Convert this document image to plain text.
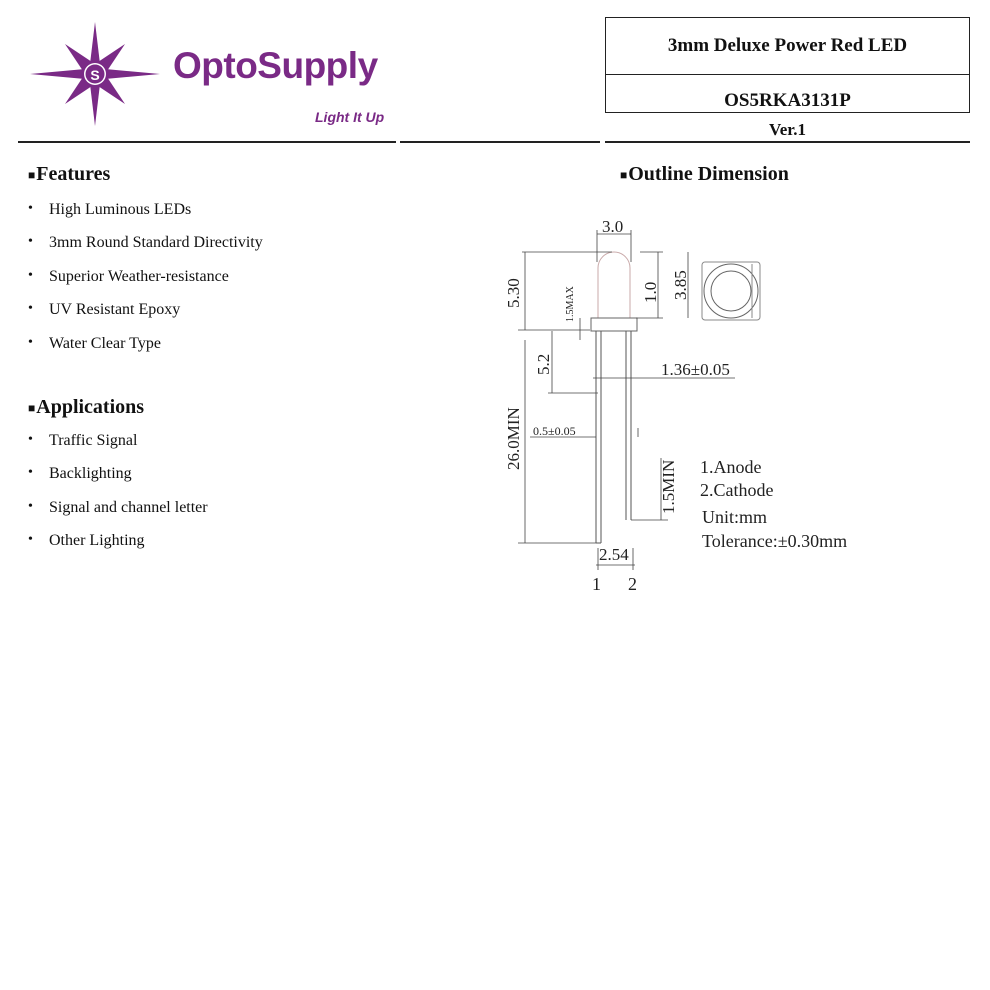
S OptoSupply
Light It Up
3mm Deluxe Power Red LED
OS5RKA3131P
Ver.1
■Features
• High Luminous LEDs
• 3mm Round Standard Directivity
• Superior Weather-resistance
• UV Resistant Epoxy
• Water Clear Type
■Applications
• Traffic Signal
• Backlighting
• Signal and channel letter
• Other Lighting
■Outline Dimension
3.0
5.30	1.5MAX	1.0 3.85
5.2	1.36±0.05
26.0MIN 0.5±0.05
1.5MIN
2.54
1 2
1.Anode
2.Cathode
Unit:mm
Tolerance:±0.30mm
